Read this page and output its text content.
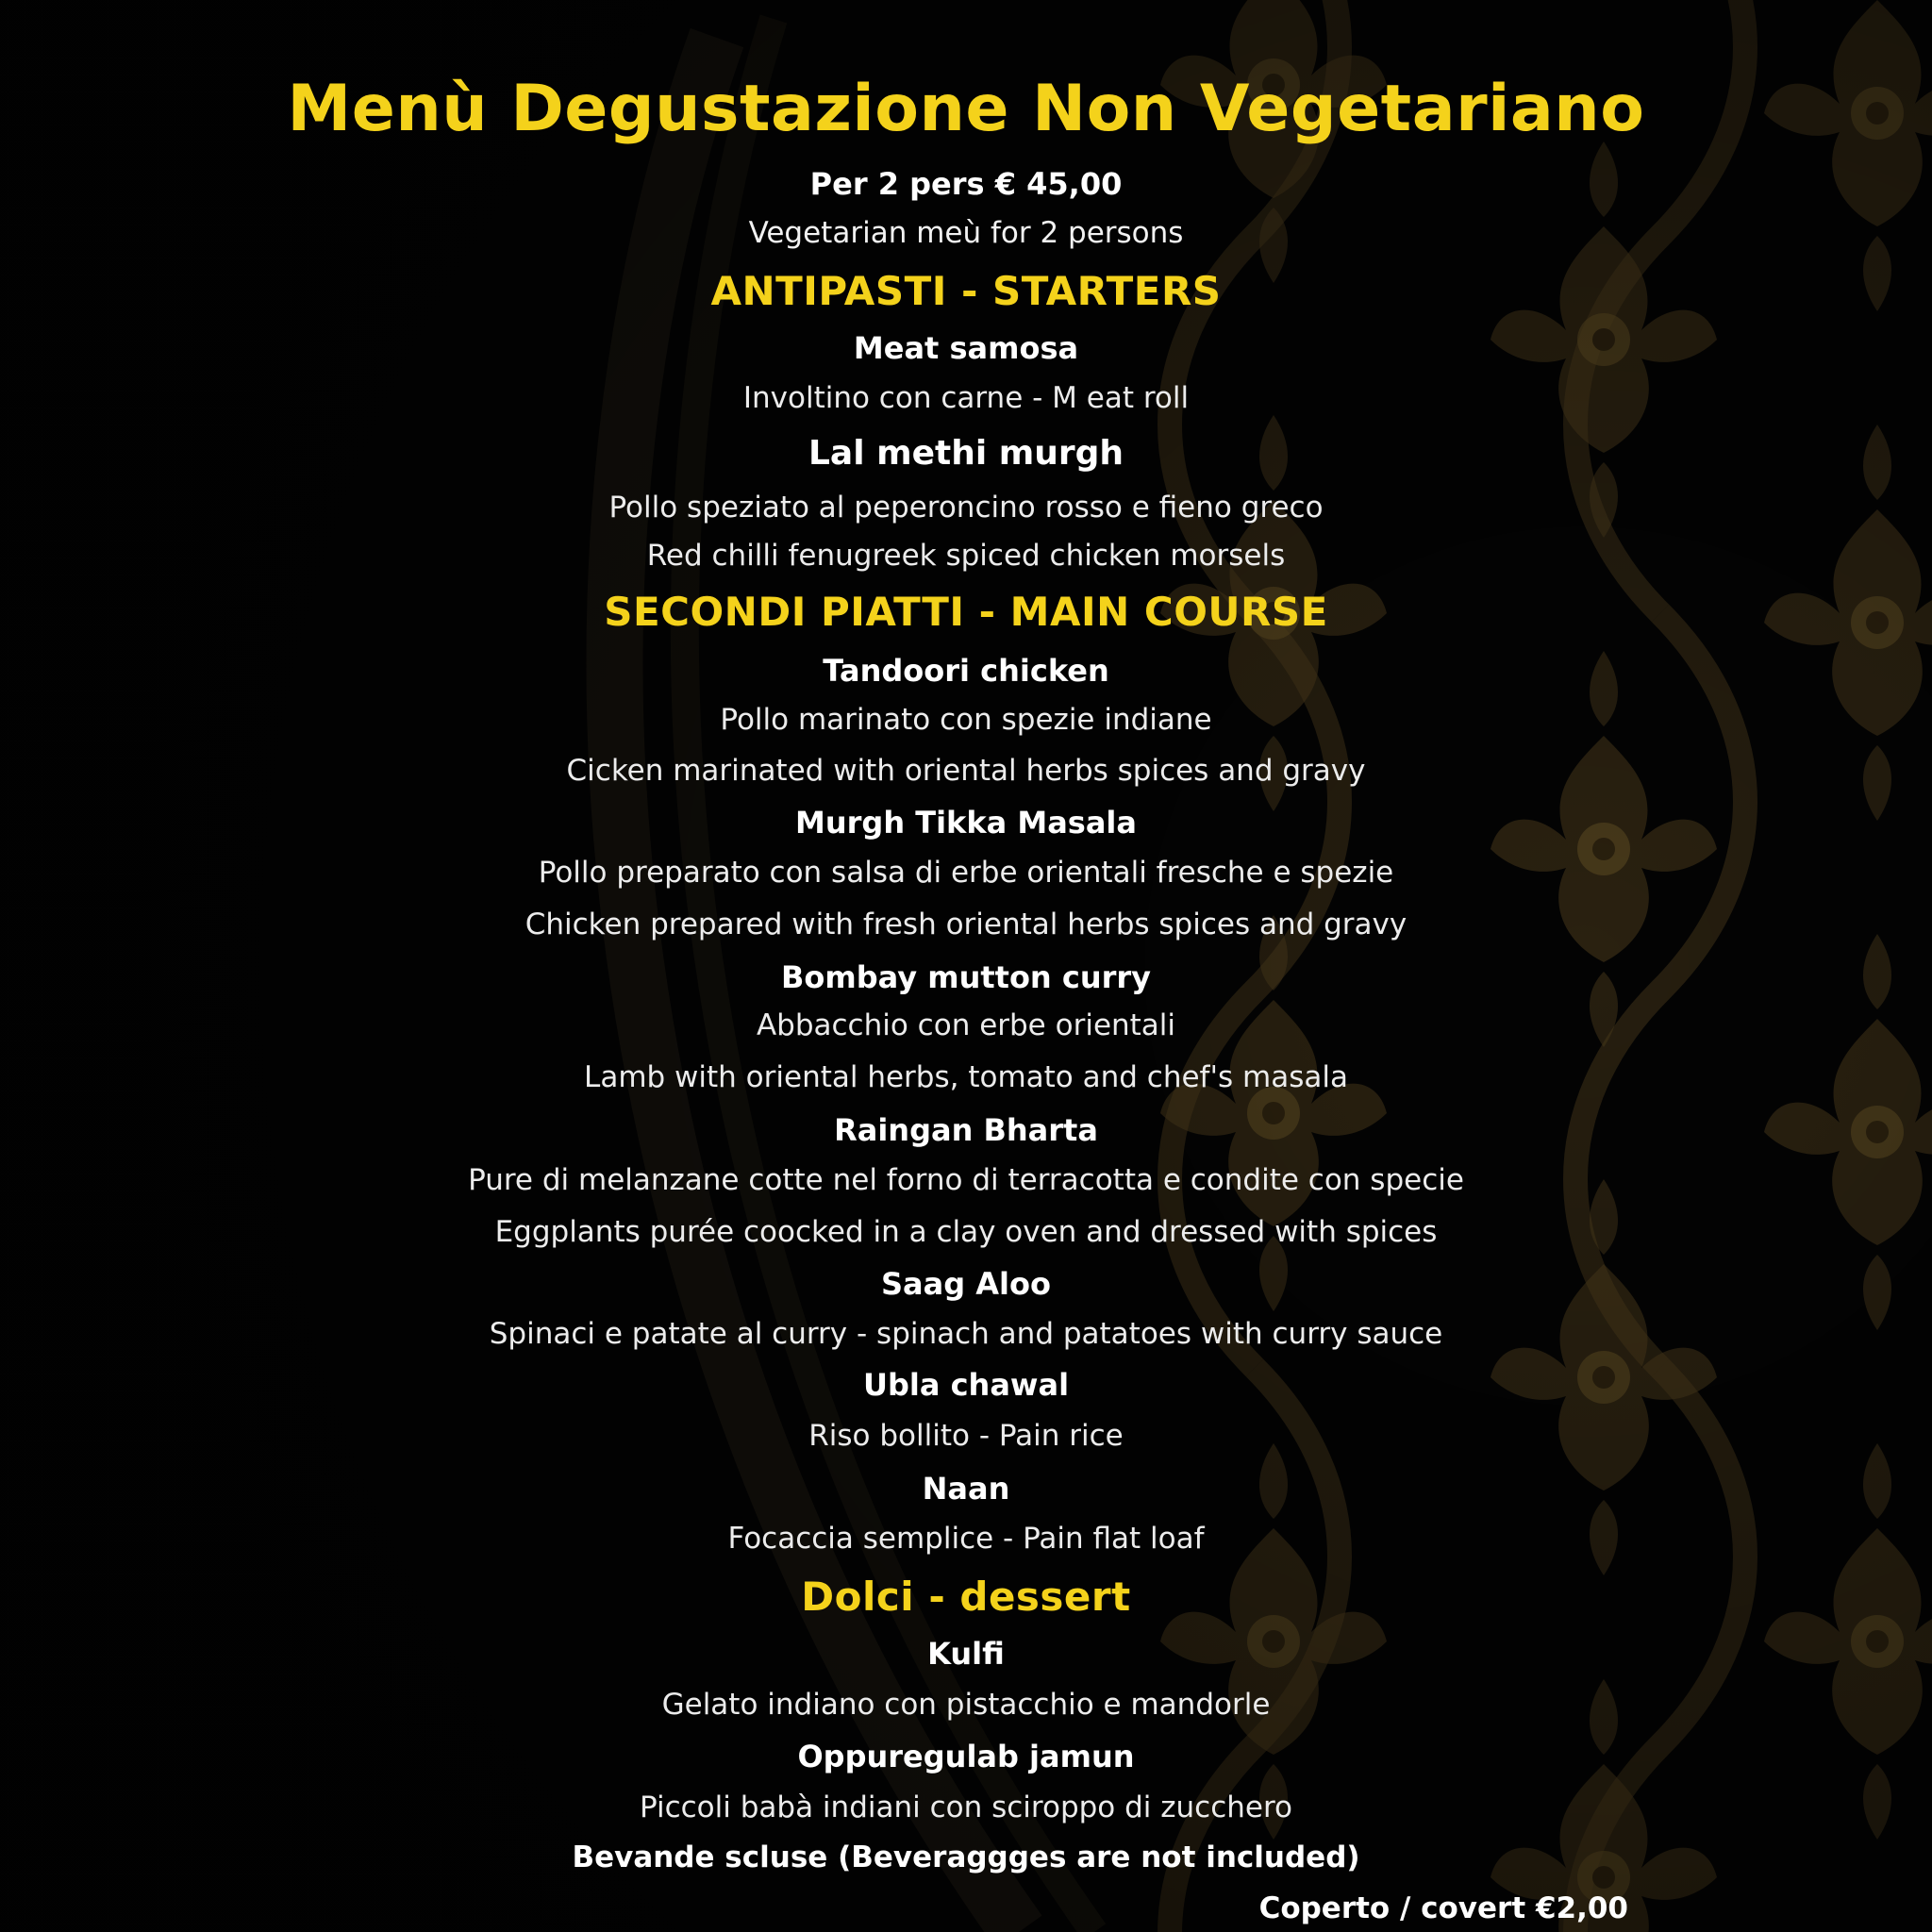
Menù Degustazione Non Vegetariano
Per 2 pers € 45,00
Vegetarian meù for 2 persons
ANTIPASTI - STARTERS
Meat samosa
Involtino con carne - M eat roll
Lal methi murgh
Pollo speziato al peperoncino rosso e fieno greco
Red chilli fenugreek spiced chicken morsels
SECONDI PIATTI - MAIN COURSE
Tandoori chicken
Pollo marinato con spezie indiane
Cicken marinated with oriental herbs spices and gravy
Murgh Tikka Masala
Pollo preparato con salsa di erbe orientali fresche e spezie
Chicken prepared with fresh oriental herbs spices and gravy
Bombay mutton curry
Abbacchio con erbe orientali
Lamb with oriental herbs, tomato and chef's masala
Raingan Bharta
Pure di melanzane cotte nel forno di terracotta e condite con specie
Eggplants purée coocked in a clay oven and dressed with spices
Saag Aloo
Spinaci e patate al curry - spinach and patatoes with curry sauce
Ubla chawal
Riso bollito - Pain rice
Naan
Focaccia semplice - Pain flat loaf
Dolci - dessert
Kulfi
Gelato indiano con pistacchio e mandorle
Oppuregulab jamun
Piccoli babà indiani con sciroppo di zucchero
Bevande scluse (Beveraggges are not included)
Coperto / covert €2,00
